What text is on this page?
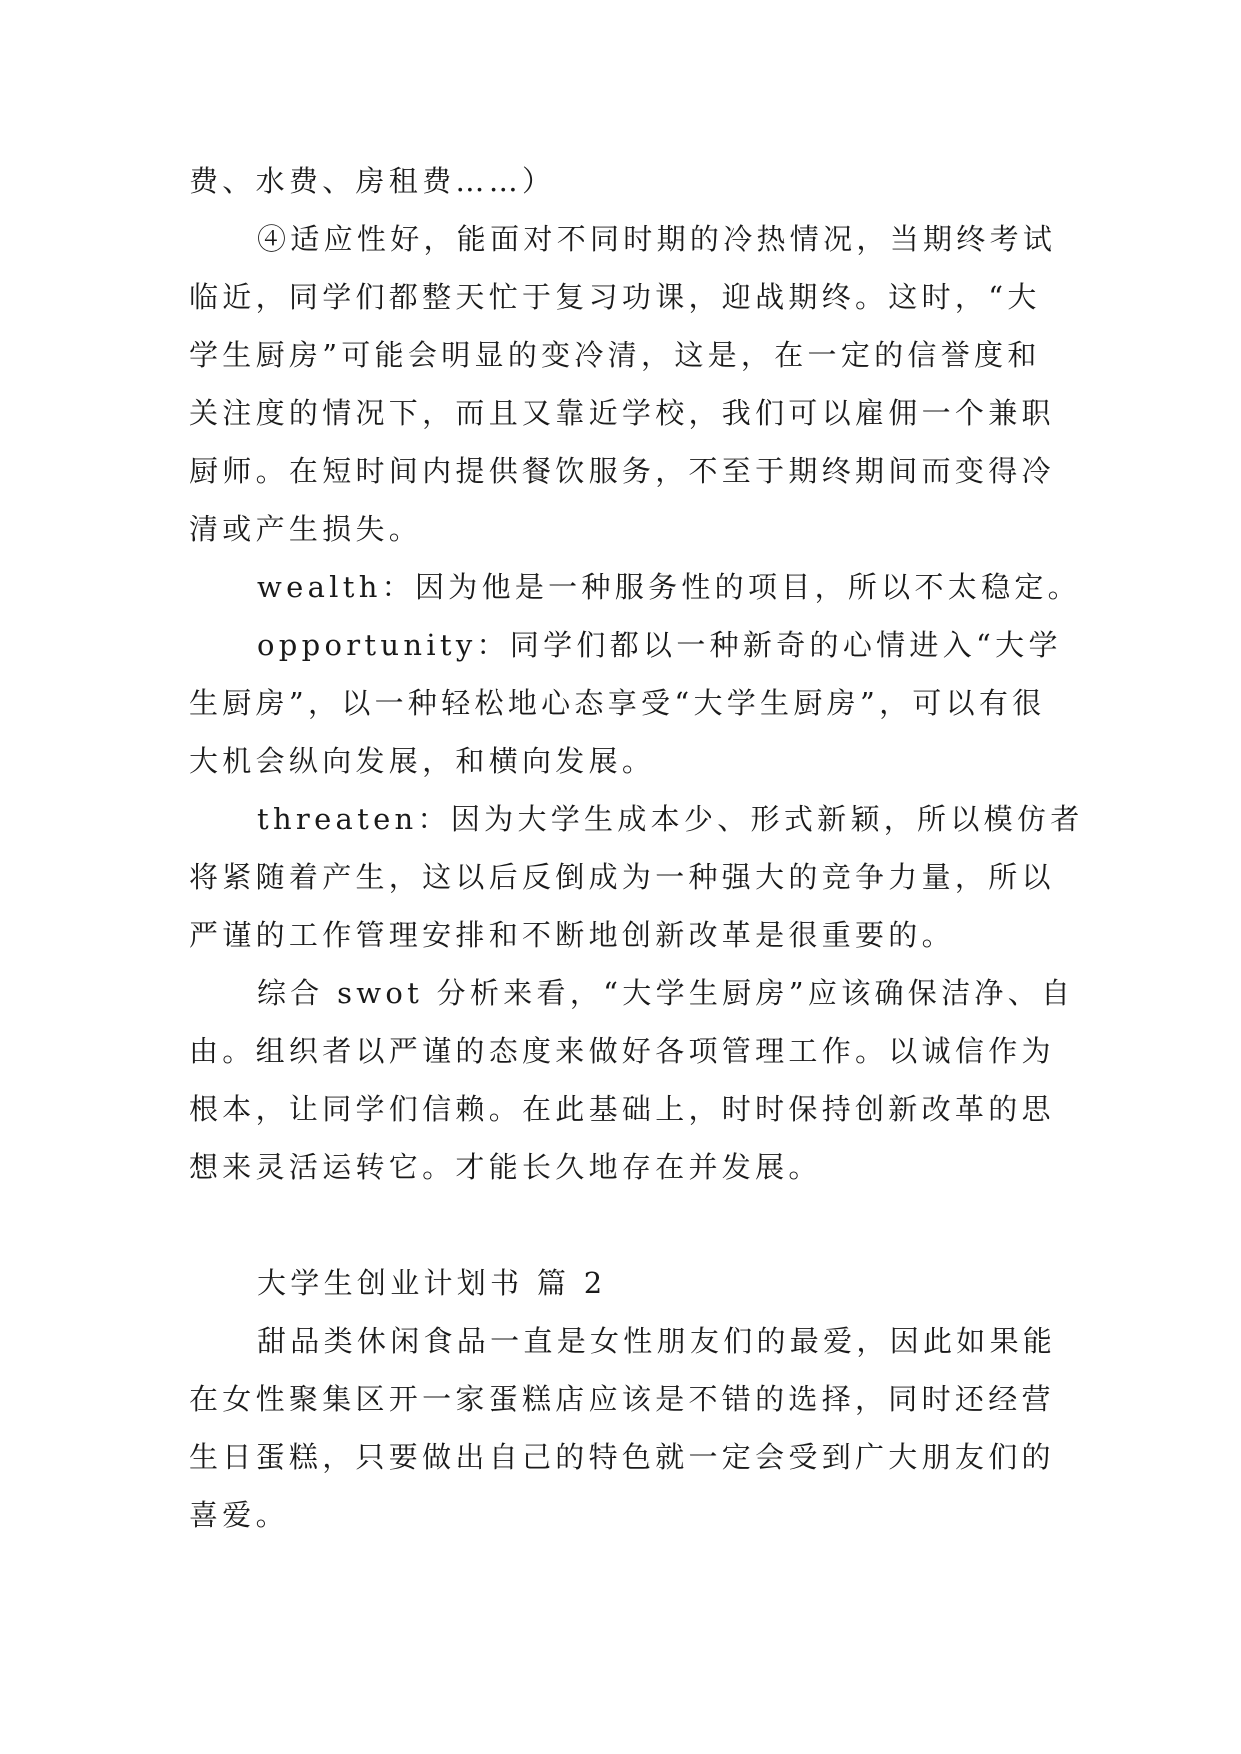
费、水费、房租费……）
④适应性好，能面对不同时期的冷热情况，当期终考试
临近，同学们都整天忙于复习功课，迎战期终。这时，“大
学生厨房”可能会明显的变冷清，这是，在一定的信誉度和
关注度的情况下，而且又靠近学校，我们可以雇佣一个兼职
厨师。在短时间内提供餐饮服务，不至于期终期间而变得冷
清或产生损失。
wealth：因为他是一种服务性的项目，所以不太稳定。
opportunity：同学们都以一种新奇的心情进入“大学
生厨房”，以一种轻松地心态享受“大学生厨房”，可以有很
大机会纵向发展，和横向发展。
threaten：因为大学生成本少、形式新颖，所以模仿者
将紧随着产生，这以后反倒成为一种强大的竞争力量，所以
严谨的工作管理安排和不断地创新改革是很重要的。
综合 swot 分析来看，“大学生厨房”应该确保洁净、自
由。组织者以严谨的态度来做好各项管理工作。以诚信作为
根本，让同学们信赖。在此基础上，时时保持创新改革的思
想来灵活运转它。才能长久地存在并发展。
大学生创业计划书 篇 2
甜品类休闲食品一直是女性朋友们的最爱，因此如果能
在女性聚集区开一家蛋糕店应该是不错的选择，同时还经营
生日蛋糕，只要做出自己的特色就一定会受到广大朋友们的
喜爱。
